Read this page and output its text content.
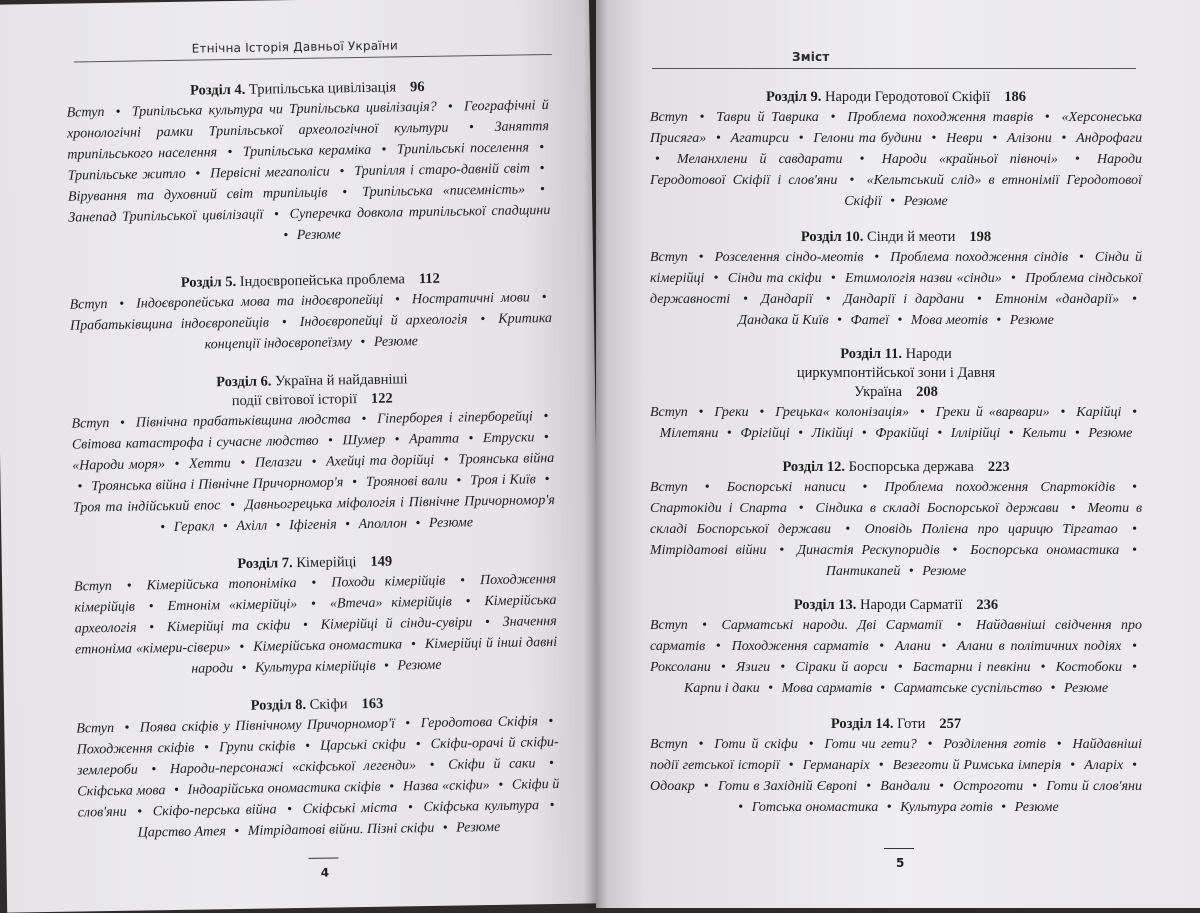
Етнічна Історія Давньої України
Розділ 4. Трипільська цивілізація 96
Вступ • Трипільська культура чи Трипільська цивілізація? • Географічні й хронологічні рамки Трипільської археологічної культури • Заняття трипільського населення • Трипільська кераміка • Трипільські поселення • Трипільське житло • Первісні мегаполіси • Трипілля і старо-давній світ • Вірування та духовний світ трипільців • Трипільська «писемність» • Занепад Трипільської цивілізації • Суперечка довкола трипільської спадщини • Резюме
Розділ 5. Індоєвропейська проблема 112
Вступ • Індоєвропейська мова та індоєвропейці • Ностратичні мови • Прабатьківщина індоєвропейців • Індоєвропейці й археологія • Критика концепції індоєвропеїзму • Резюме
Розділ 6. Україна й найдавніші події світової історії 122
Вступ • Північна прабатьківщина людства • Гіперборея і гіперборейці • Світова катастрофа і сучасне людство • Шумер • Аратта • Етруски • «Народи моря» • Хетти • Пелазги • Ахейці та дорійці • Троянська війна • Троянська війна і Північне Причорномор'я • Троянові вали • Троя і Київ • Троя та індійський епос • Давньогрецька міфологія і Північне Причорномор'я • Геракл • Ахілл • Іфігенія • Аполлон • Резюме
Розділ 7. Кімерійці 149
Вступ • Кімерійська топоніміка • Походи кімерійців • Походження кімерійців • Етнонім «кімерійці» • «Втеча» кімерійців • Кімерійська археологія • Кімерійці та скіфи • Кімерійці й сінди-сувіри • Значення етноніма «кімери-сівери» • Кімерійська ономастика • Кімерійці й інші давні народи • Культура кімерійців • Резюме
Розділ 8. Скіфи 163
Вступ • Поява скіфів у Північному Причорномор'ї • Геродотова Скіфія • Походження скіфів • Групи скіфів • Царські скіфи • Скіфи-орачі й скіфи-землероби • Народи-персонажі «скіфської легенди» • Скіфи й саки • Скіфська мова • Індоарійська ономастика скіфів • Назва «скіфи» • Скіфи й слов'яни • Скіфо-перська війна • Скіфські міста • Скіфська культура • Царство Атея • Мітрідатові війни. Пізні скіфи • Резюме
4
Зміст
Розділ 9. Народи Геродотової Скіфії 186
Вступ • Таври й Таврика • Проблема походження таврів • «Херсонеська Присяга» • Агатирси • Гелони та будини • Неври • Алізони • Андрофаги • Меланхлени й савдарати • Народи «крайньої півночі» • Народи Геродотової Скіфії і слов'яни • «Кельтський слід» в етнонімії Геродотової Скіфії • Резюме
Розділ 10. Сінди й меоти 198
Вступ • Розселення сіндо-меотів • Проблема походження сіндів • Сінди й кімерійці • Сінди та скіфи • Етимологія назви «сінди» • Проблема сіндської державності • Дандарії • Дандарії і дардани • Етнонім «дандарії» • Дандака й Київ • Фатеї • Мова меотів • Резюме
Розділ 11. Народи циркумпонтійської зони і Давня Україна 208
Вступ • Греки • Грецька« колонізація» • Греки й «варвари» • Карійці • Мілетяни • Фрігійці • Лікійці • Фракійці • Іллірійці • Кельти • Резюме
Розділ 12. Боспорська держава 223
Вступ • Боспорські написи • Проблема походження Спартокідів • Спартокіди і Спарта • Сіндика в складі Боспорської держави • Меоти в складі Боспорської держави • Оповідь Полієна про царицю Тіргатао • Мітрідатові війни • Династія Рескупоридів • Боспорська ономастика • Пантикапей • Резюме
Розділ 13. Народи Сарматії 236
Вступ • Сарматські народи. Дві Сарматії • Найдавніші свідчення про сарматів • Походження сарматів • Алани • Алани в політичних подіях • Роксолани • Язиги • Сіраки й аорси • Бастарни і певкіни • Костобоки • Карпи і даки • Мова сарматів • Сарматське суспільство • Резюме
Розділ 14. Готи 257
Вступ • Готи й скіфи • Готи чи гети? • Розділення готів • Найдавніші події гетської історії • Германаріх • Везеготи й Римська імперія • Аларіх • Одоакр • Готи в Західній Європі • Вандали • Остроготи • Готи й слов'яни • Готська ономастика • Культура готів • Резюме
5
